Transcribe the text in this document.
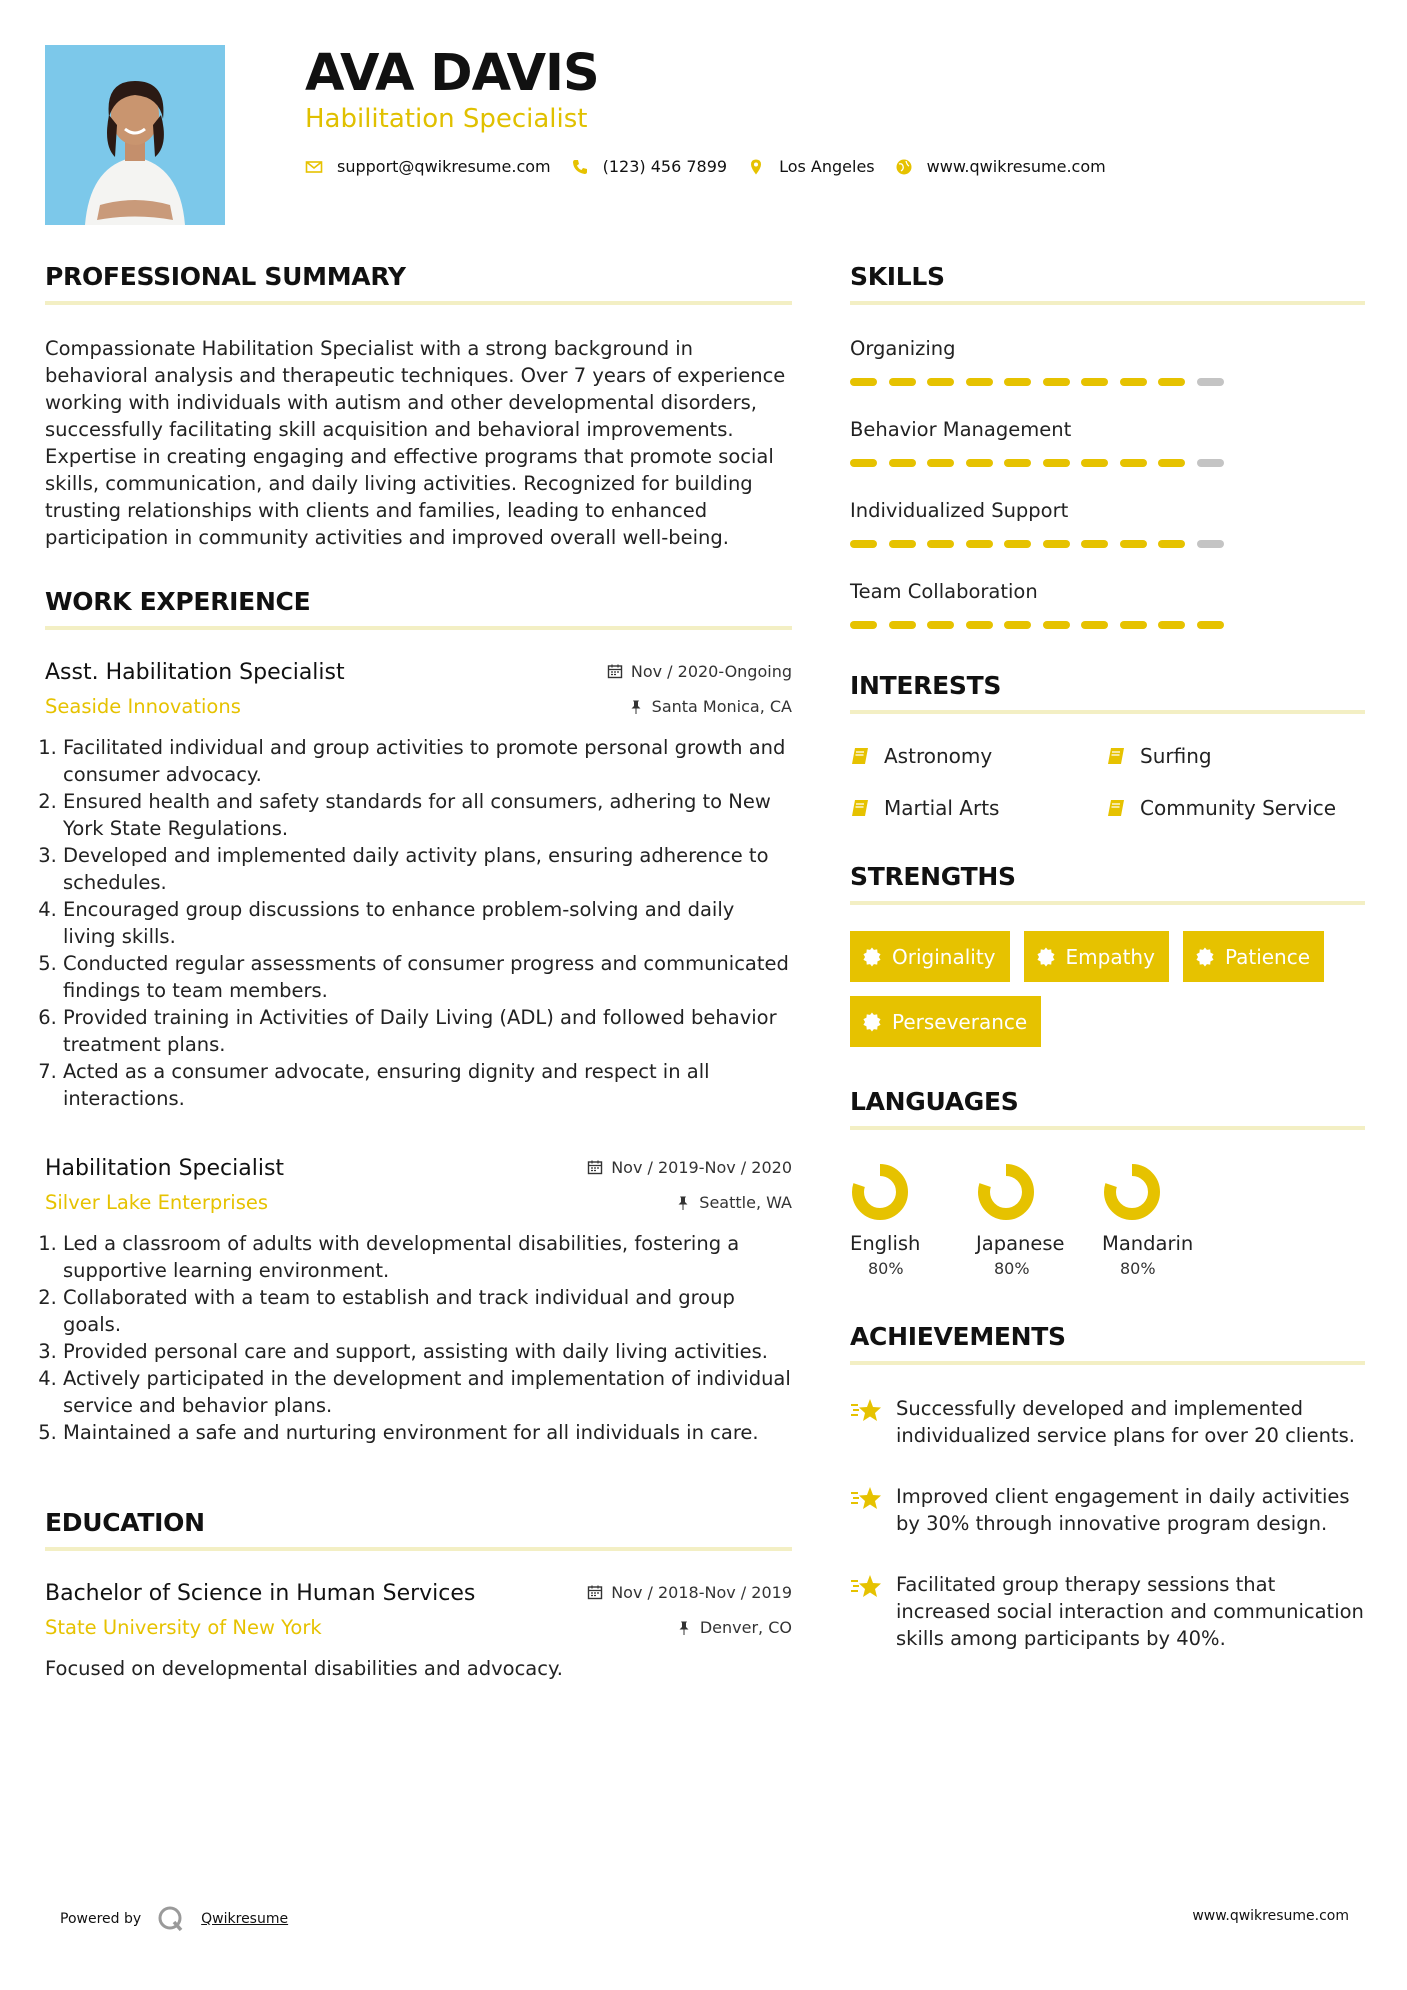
AVA DAVIS
Habilitation Specialist
support@qwikresume.com	(123) 456 7899	Los Angeles	www.qwikresume.com
PROFESSIONAL SUMMARY

Compassionate Habilitation Specialist with a strong background in behavioral analysis and therapeutic techniques. Over 7 years of experience working with individuals with autism and other developmental disorders, successfully facilitating skill acquisition and behavioral improvements. Expertise in creating engaging and effective programs that promote social skills, communication, and daily living activities. Recognized for building trusting relationships with clients and families, leading to enhanced participation in community activities and improved overall well-being.

WORK EXPERIENCE
Asst. Habilitation Specialist	Nov / 2020-Ongoing
Seaside Innovations	Santa Monica, CA
1. Facilitated individual and group activities to promote personal growth and consumer advocacy.
2. Ensured health and safety standards for all consumers, adhering to New York State Regulations.
3. Developed and implemented daily activity plans, ensuring adherence to schedules.
4. Encouraged group discussions to enhance problem-solving and daily living skills.
5. Conducted regular assessments of consumer progress and communicated findings to team members.
6. Provided training in Activities of Daily Living (ADL) and followed behavior treatment plans.
7. Acted as a consumer advocate, ensuring dignity and respect in all interactions.
Habilitation Specialist	Nov / 2019-Nov / 2020
Silver Lake Enterprises	Seattle, WA
1. Led a classroom of adults with developmental disabilities, fostering a supportive learning environment.
2. Collaborated with a team to establish and track individual and group goals.
3. Provided personal care and support, assisting with daily living activities.
4. Actively participated in the development and implementation of individual service and behavior plans.
5. Maintained a safe and nurturing environment for all individuals in care.
EDUCATION
Bachelor of Science in Human Services	Nov / 2018-Nov / 2019
State University of New York	Denver, CO

Focused on developmental disabilities and advocacy.

SKILLS
Organizing
Behavior Management
Individualized Support
Team Collaboration
INTERESTS
Astronomy	Surfing
Martial Arts	Community Service
STRENGTHS
Originality	Empathy	Patience
Perseverance
LANGUAGES
English
80%
Japanese
80%
Mandarin
80%
ACHIEVEMENTS
Successfully developed and implemented individualized service plans for over 20 clients.
Improved client engagement in daily activities by 30% through innovative program design.
Facilitated group therapy sessions that increased social interaction and communication skills among participants by 40%.
Powered by	Qwikresume	www.qwikresume.com
